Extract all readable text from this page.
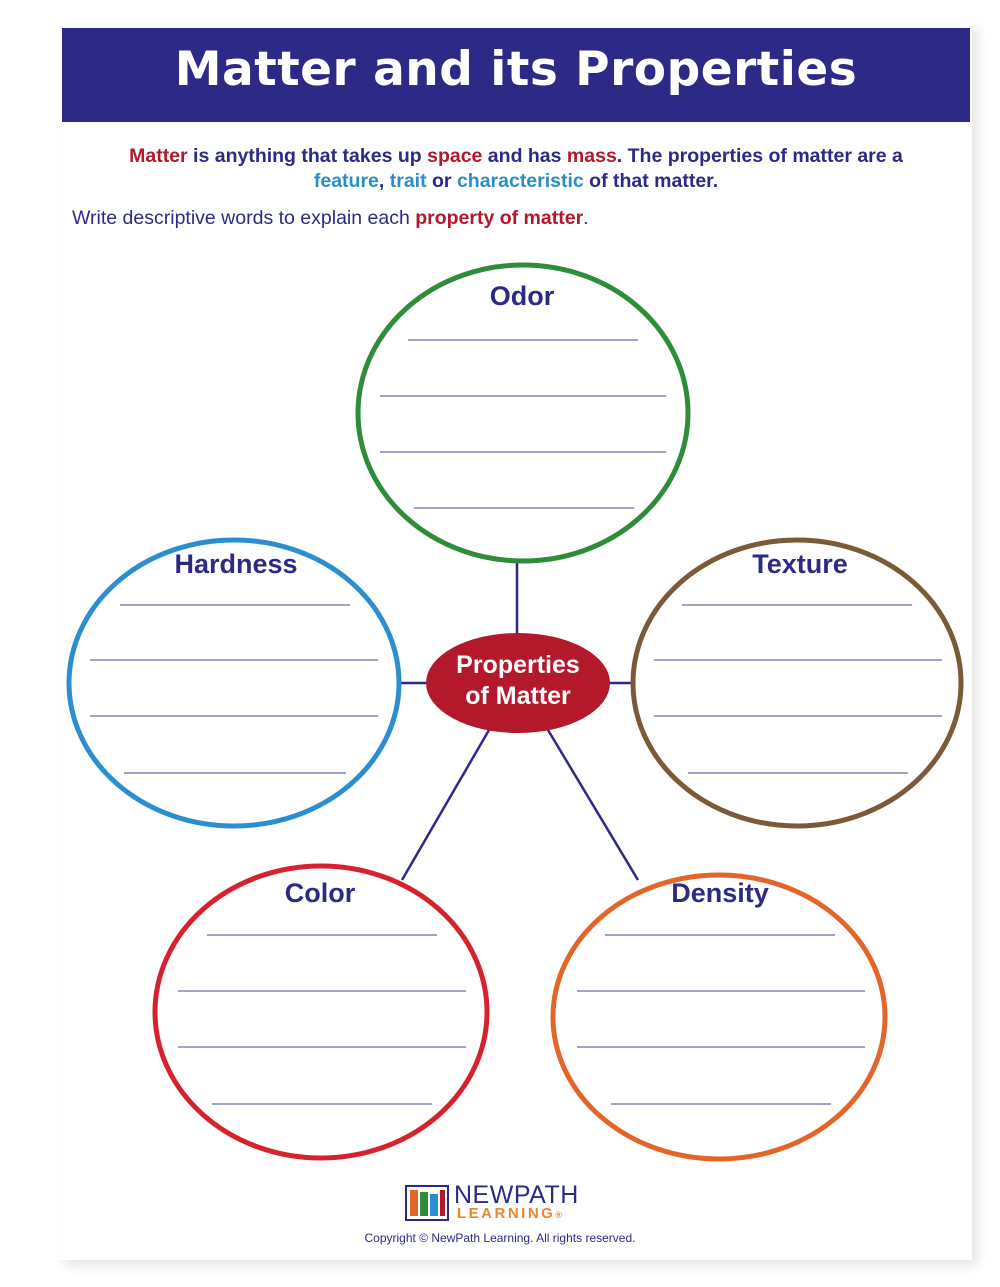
Matter and its Properties
Matter is anything that takes up space and has mass. The properties of matter are a
feature, trait or characteristic of that matter.
Write descriptive words to explain each property of matter.
Odor
Hardness	Texture
Color	Density
Properties
of Matter
NEWPATH
LEARNING®
Copyright © NewPath Learning. All rights reserved.
